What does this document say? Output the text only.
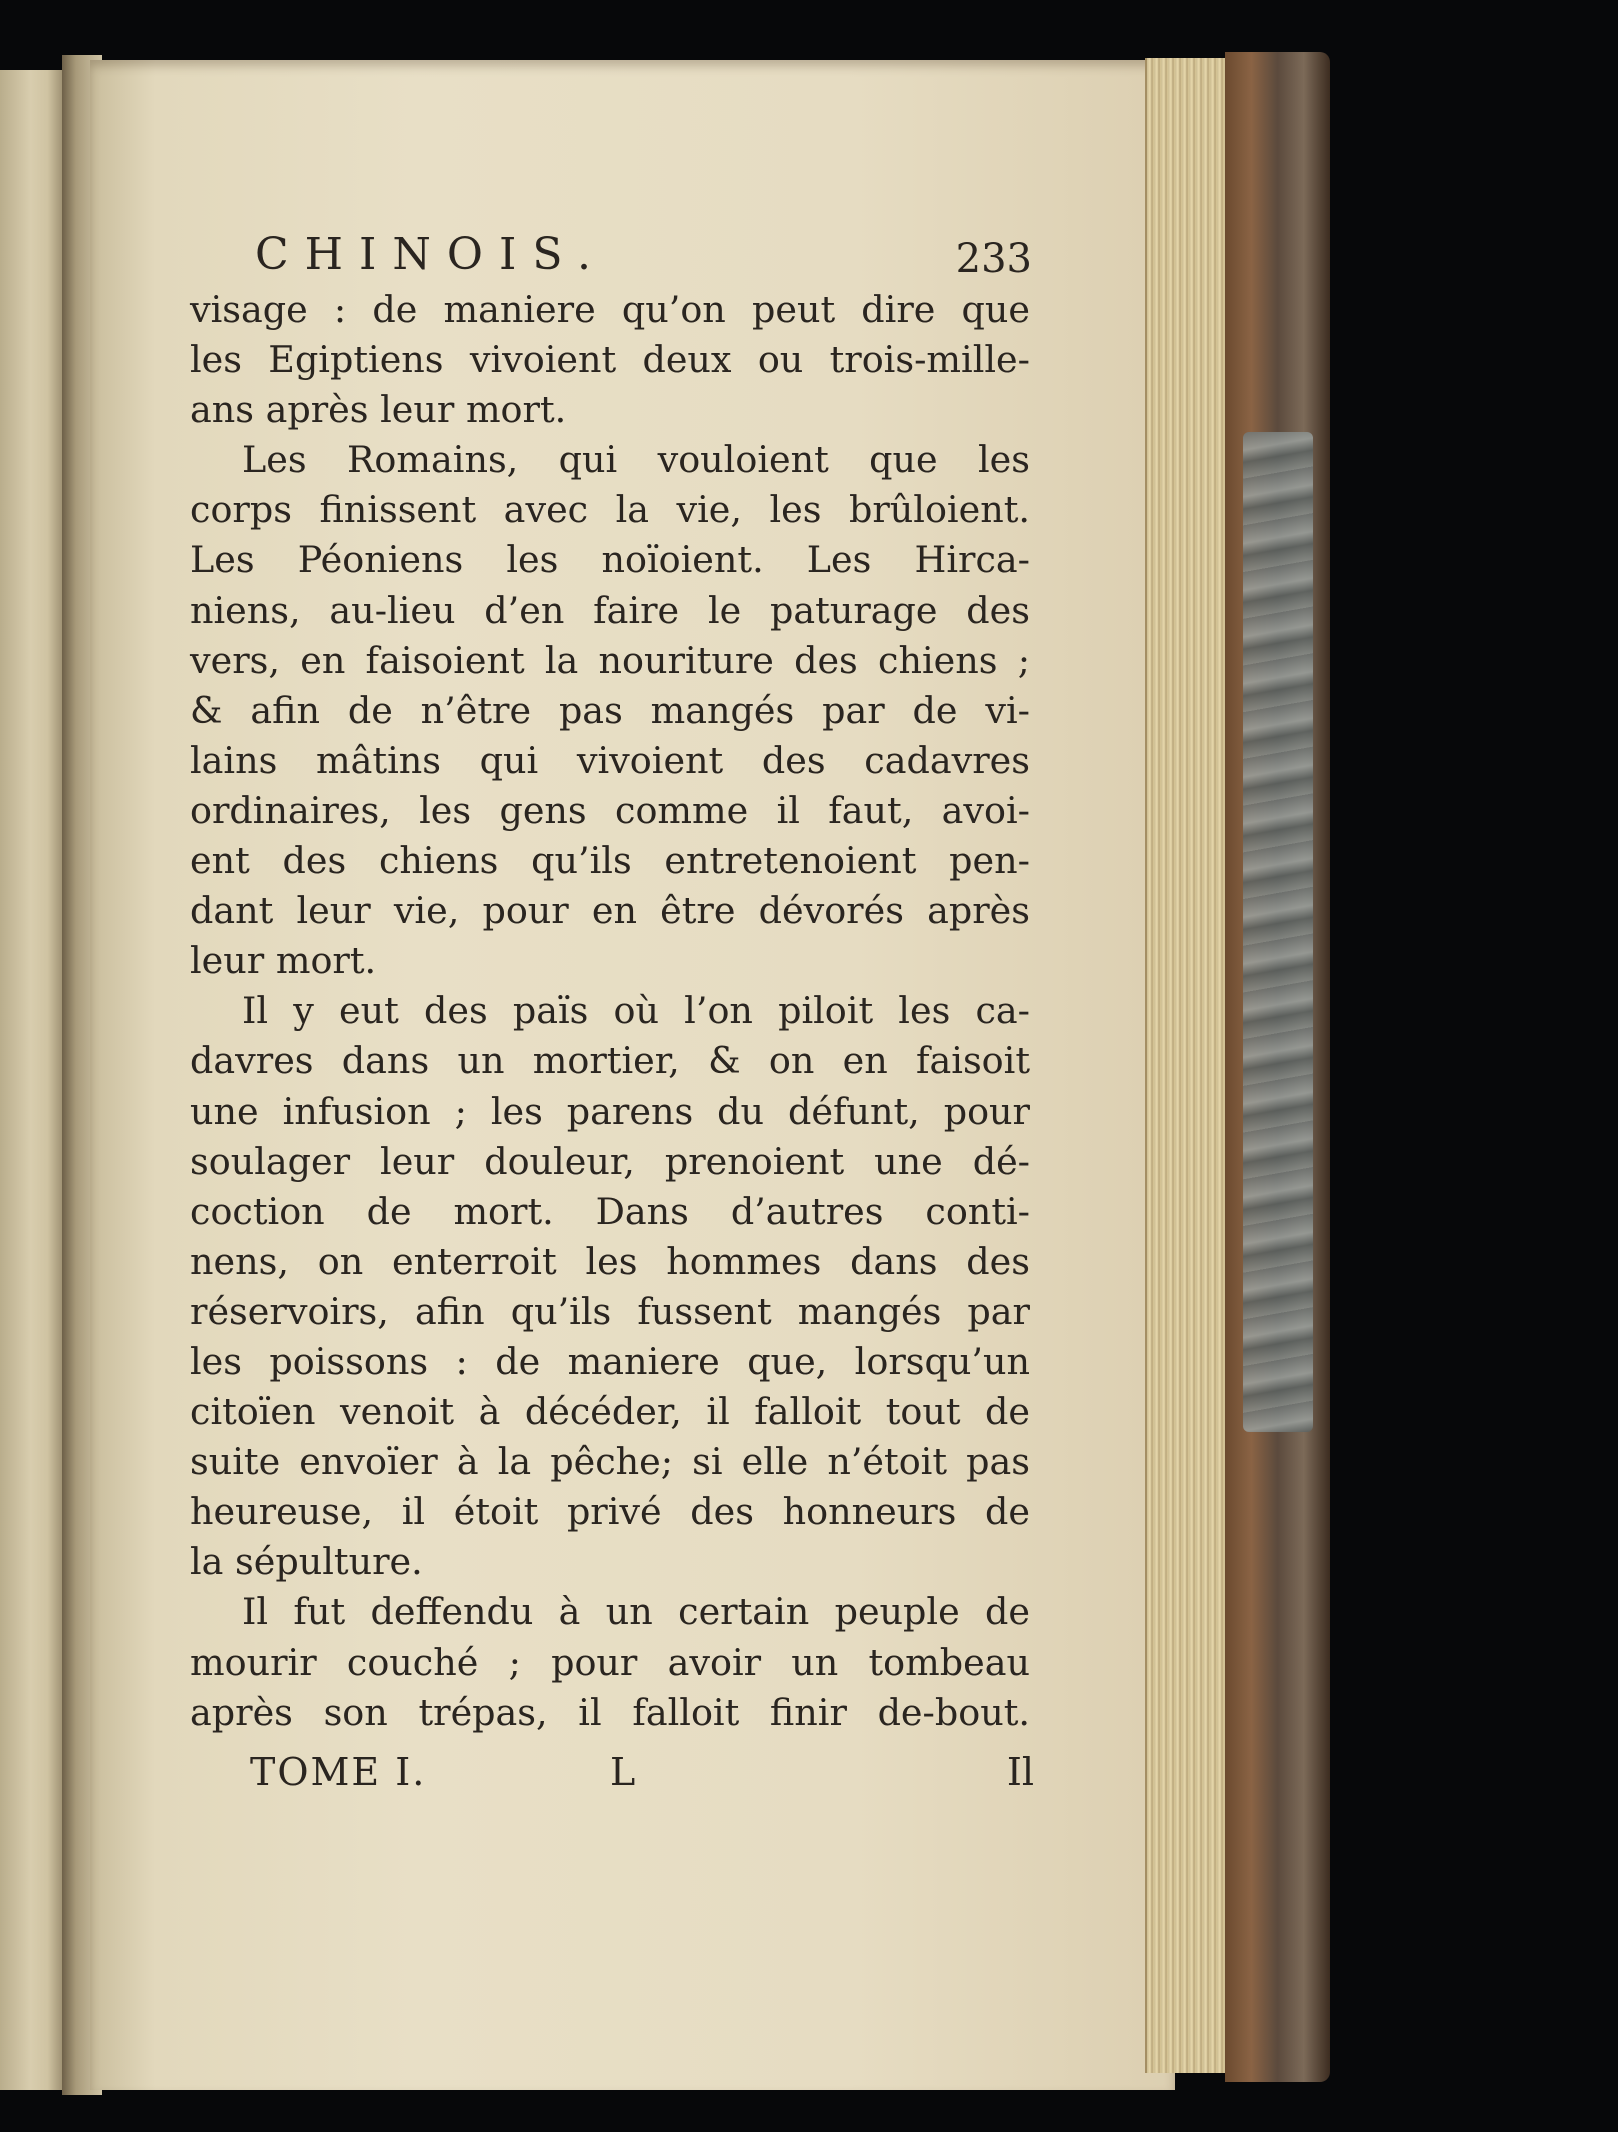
CHINOIS.	233
visage : de maniere qu’on peut dire que
les Egiptiens vivoient deux ou trois-mille-
ans après leur mort.
Les Romains, qui vouloient que les
corps finissent avec la vie, les brûloient.
Les Péoniens les noïoient. Les Hirca-
niens, au-lieu d’en faire le paturage des
vers, en faisoient la nouriture des chiens ;
& afin de n’être pas mangés par de vi-
lains mâtins qui vivoient des cadavres
ordinaires, les gens comme il faut, avoi-
ent des chiens qu’ils entretenoient pen-
dant leur vie, pour en être dévorés après
leur mort.
Il y eut des païs où l’on piloit les ca-
davres dans un mortier, & on en faisoit
une infusion ; les parens du défunt, pour
soulager leur douleur, prenoient une dé-
coction de mort. Dans d’autres conti-
nens, on enterroit les hommes dans des
réservoirs, afin qu’ils fussent mangés par
les poissons : de maniere que, lorsqu’un
citoïen venoit à décéder, il falloit tout de
suite envoïer à la pêche; si elle n’étoit pas
heureuse, il étoit privé des honneurs de
la sépulture.
Il fut deffendu à un certain peuple de
mourir couché ; pour avoir un tombeau
après son trépas, il falloit finir de-bout.
TOME I.	L	Il
